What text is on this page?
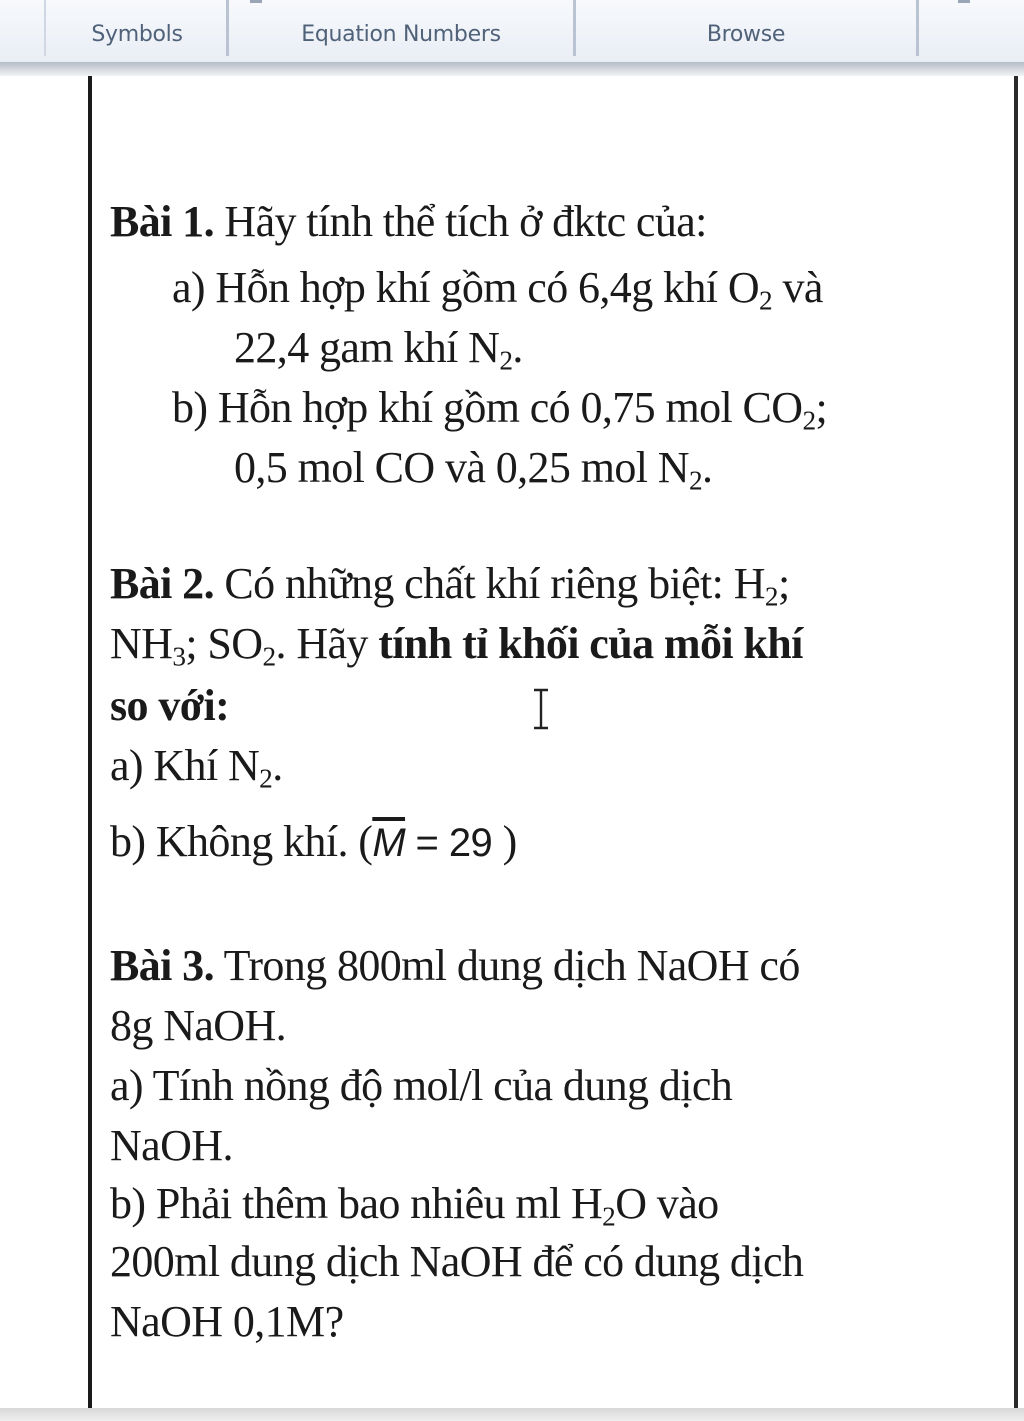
Symbols	Equation Numbers	Browse
Bài 1. Hãy tính thể tích ở đktc của:
a) Hỗn hợp khí gồm có 6,4g khí $O_2$ và
22,4 gam khí $N_2$.
b) Hỗn hợp khí gồm có 0,75 mol $CO_2$;
0,5 mol CO và 0,25 mol $N_2$.
Bài 2. Có những chất khí riêng biệt: $H_2$;
$NH_3$; $SO_2$. Hãy tính tỉ khối của mỗi khí
so với:
a) Khí $N_2$.
b) Không khí. ($\overline{M} = 29$ )
Bài 3. Trong 800ml dung dịch NaOH có
8g NaOH.
a) Tính nồng độ mol/l của dung dịch
NaOH.
b) Phải thêm bao nhiêu ml $H_2O$ vào
200ml dung dịch NaOH để có dung dịch
NaOH 0,1M?
